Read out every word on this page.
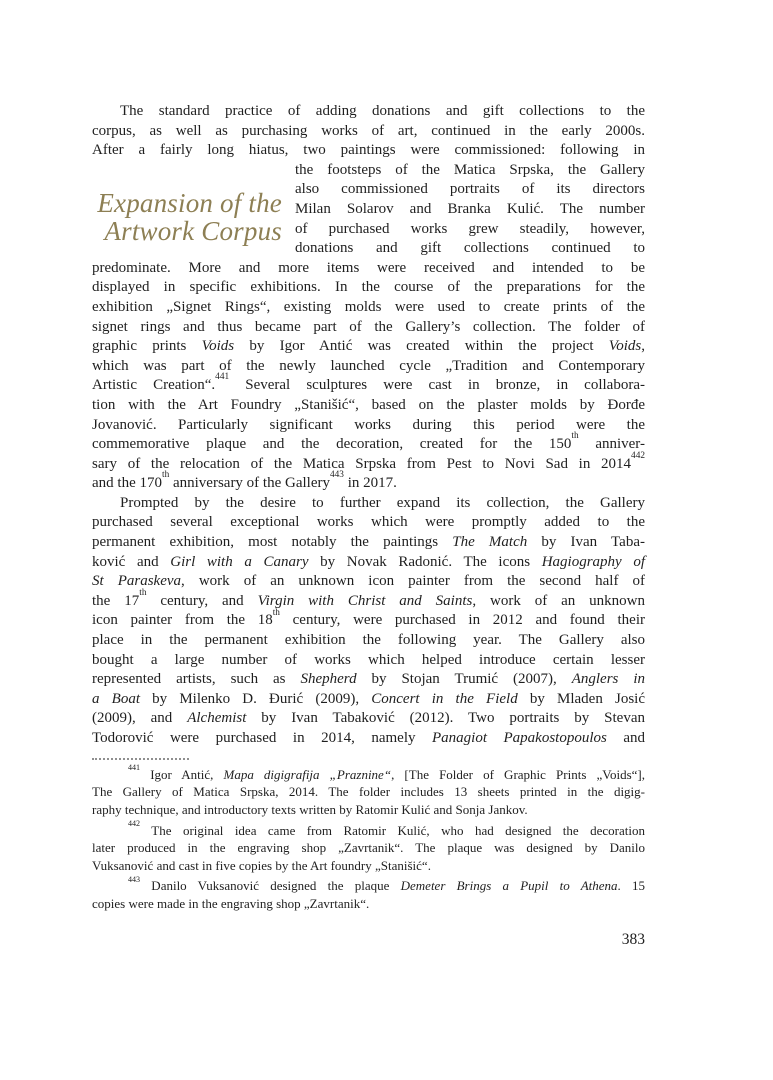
Expansion of the
Artwork Corpus
The standard practice of adding donations and gift collections to the
corpus, as well as purchasing works of art, continued in the early 2000s.
After a fairly long hiatus, two paintings were commissioned: following in
the footsteps of the Matica Srpska, the Gallery
also commissioned portraits of its directors
Milan Solarov and Branka Kulić. The number
of purchased works grew steadily, however,
donations and gift collections continued to
predominate. More and more items were received and intended to be
displayed in specific exhibitions. In the course of the preparations for the
exhibition „Signet Rings“, existing molds were used to create prints of the
signet rings and thus became part of the Gallery’s collection. The folder of
graphic prints Voids by Igor Antić was created within the project Voids,
which was part of the newly launched cycle „Tradition and Contemporary
Artistic Creation“.$^{441}$ Several sculptures were cast in bronze, in collabora-
tion with the Art Foundry „Stanišić“, based on the plaster molds by Đorđe
Jovanović. Particularly significant works during this period were the
commemorative plaque and the decoration, created for the 150th anniver-
sary of the relocation of the Matica Srpska from Pest to Novi Sad in 2014$^{442}$
and the 170th anniversary of the Gallery$^{443}$ in 2017.
Prompted by the desire to further expand its collection, the Gallery
purchased several exceptional works which were promptly added to the
permanent exhibition, most notably the paintings The Match by Ivan Taba-
ković and Girl with a Canary by Novak Radonić. The icons Hagiography of
St Paraskeva, work of an unknown icon painter from the second half of
the 17th century, and Virgin with Christ and Saints, work of an unknown
icon painter from the 18th century, were purchased in 2012 and found their
place in the permanent exhibition the following year. The Gallery also
bought a large number of works which helped introduce certain lesser
represented artists, such as Shepherd by Stojan Trumić (2007), Anglers in
a Boat by Milenko D. Đurić (2009), Concert in the Field by Mladen Josić
(2009), and Alchemist by Ivan Tabaković (2012). Two portraits by Stevan
Todorović were purchased in 2014, namely Panagiot Papakostopoulos and
$^{441}$ Igor Antić, Mapa digigrafija „Praznine“, [The Folder of Graphic Prints „Voids“],
The Gallery of Matica Srpska, 2014. The folder includes 13 sheets printed in the digig-
raphy technique, and introductory texts written by Ratomir Kulić and Sonja Jankov.
$^{442}$ The original idea came from Ratomir Kulić, who had designed the decoration
later produced in the engraving shop „Zavrtanik“. The plaque was designed by Danilo
Vuksanović and cast in five copies by the Art foundry „Stanišić“.
$^{443}$ Danilo Vuksanović designed the plaque Demeter Brings a Pupil to Athena. 15
copies were made in the engraving shop „Zavrtanik“.
383
